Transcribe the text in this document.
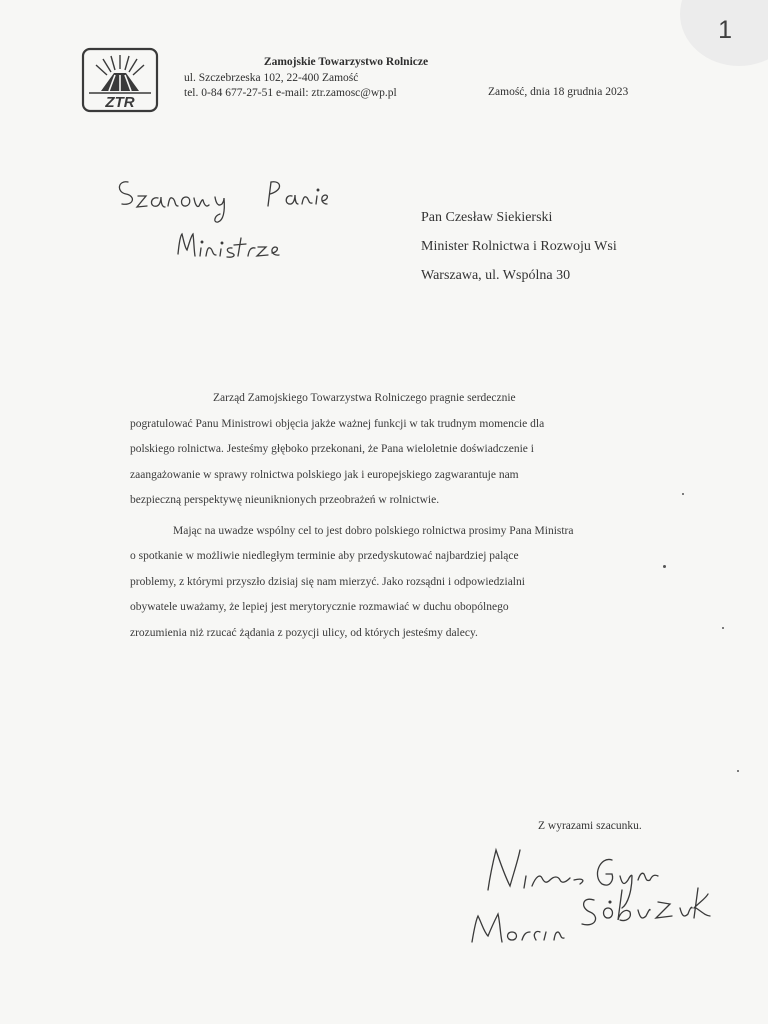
1
ZTR
Zamojskie Towarzystwo Rolnicze
ul. Szczebrzeska 102, 22-400 Zamość
tel. 0-84 677-27-51 e-mail: ztr.zamosc@wp.pl	Zamość, dnia 18 grudnia 2023
Pan Czesław Siekierski
Minister Rolnictwa i Rozwoju Wsi
Warszawa, ul. Wspólna 30

Zarząd Zamojskiego Towarzystwa Rolniczego pragnie serdecznie
pogratulować Panu Ministrowi objęcia jakże ważnej funkcji w tak trudnym momencie dla
polskiego rolnictwa. Jesteśmy głęboko przekonani, że Pana wieloletnie doświadczenie i
zaangażowanie w sprawy rolnictwa polskiego jak i europejskiego zagwarantuje nam
bezpieczną perspektywę nieuniknionych przeobrażeń w rolnictwie.

Mając na uwadze wspólny cel to jest dobro polskiego rolnictwa prosimy Pana Ministra
o spotkanie w możliwie niedległym terminie aby przedyskutować najbardziej palące
problemy, z którymi przyszło dzisiaj się nam mierzyć. Jako rozsądni i odpowiedzialni
obywatele uważamy, że lepiej jest merytorycznie rozmawiać w duchu obopólnego
zrozumienia niż rzucać żądania z pozycji ulicy, od których jesteśmy dalecy.

Z wyrazami szacunku.
